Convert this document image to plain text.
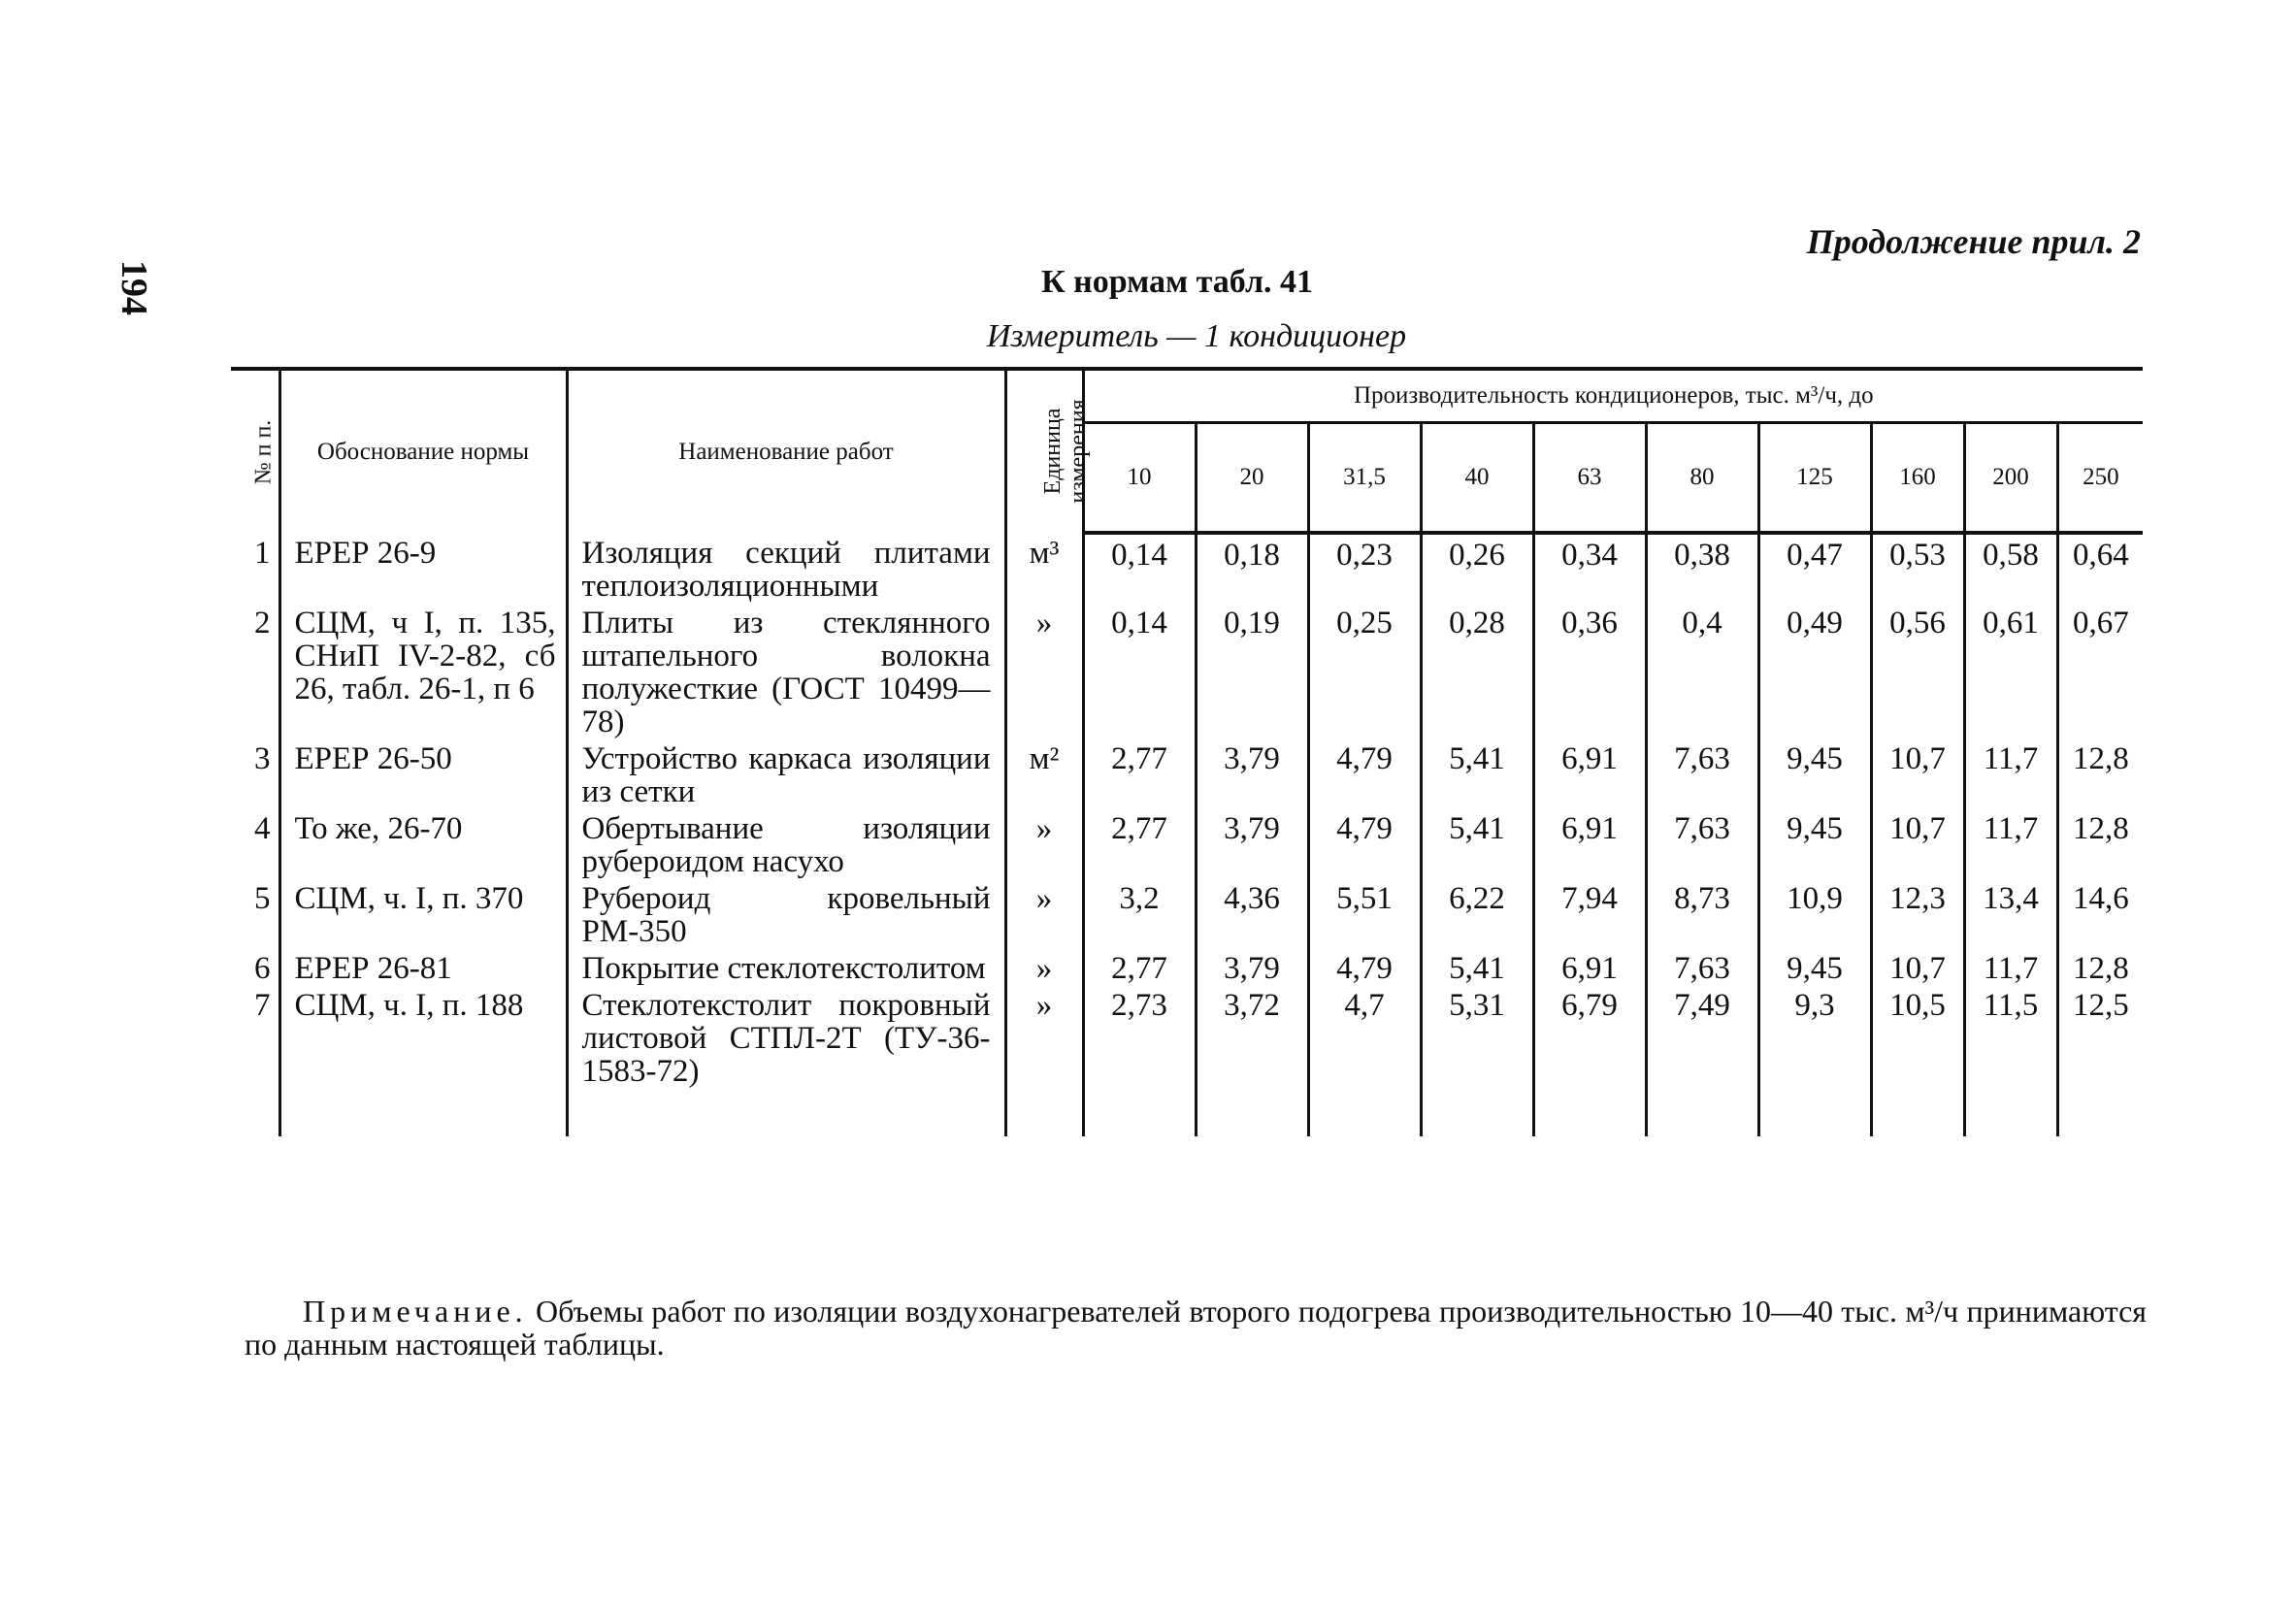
194
Продолжение прил. 2
К нормам табл. 41
Измеритель — 1 кондиционер
№ п п.	Обоснование нормы	Наименование работ	Единица измерения	Производительность кондиционеров, тыс. м³/ч, до									
				10	20	31,5	40	63	80	125	160	200	250
1	ЕРЕР 26-9	Изоляция секций плитами теплоизоляционными	м³	0,14	0,18	0,23	0,26	0,34	0,38	0,47	0,53	0,58	0,64
2	СЦМ, ч I, п. 135, СНиП IV-2-82, сб 26, табл. 26-1, п 6	Плиты из стеклянного штапельного волокна полужесткие (ГОСТ 10499—78)	»	0,14	0,19	0,25	0,28	0,36	0,4	0,49	0,56	0,61	0,67
3	ЕРЕР 26-50	Устройство каркаса изоляции из сетки	м²	2,77	3,79	4,79	5,41	6,91	7,63	9,45	10,7	11,7	12,8
4	То же, 26-70	Обертывание изоляции рубероидом насухо	»	2,77	3,79	4,79	5,41	6,91	7,63	9,45	10,7	11,7	12,8
5	СЦМ, ч. I, п. 370	Рубероид кровельный РМ-350	»	3,2	4,36	5,51	6,22	7,94	8,73	10,9	12,3	13,4	14,6
6	ЕРЕР 26-81	Покрытие стеклотекстолитом	»	2,77	3,79	4,79	5,41	6,91	7,63	9,45	10,7	11,7	12,8
7	СЦМ, ч. I, п. 188	Стеклотекстолит покровный листовой СТПЛ-2Т (ТУ-36-1583-72)	»	2,73	3,72	4,7	5,31	6,79	7,49	9,3	10,5	11,5	12,5

Примечание. Объемы работ по изоляции воздухонагревателей второго подогрева производительностью 10—40 тыс. м³/ч принимаются по данным настоящей таблицы.
